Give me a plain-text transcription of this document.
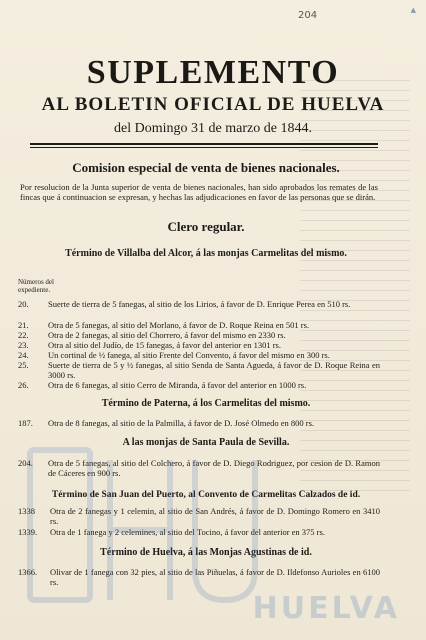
204	▲
SUPLEMENTO
AL BOLETIN OFICIAL DE HUELVA
del Domingo 31 de marzo de 1844.
Comision especial de venta de bienes nacionales.
Por resolucion de la Junta superior de venta de bienes nacionales, han sido aprobados los remates de las fincas que á continuacion se expresan, y hechas las adjudicaciones en favor de las personas que se dirán.
Clero regular.
Término de Villalba del Alcor, á las monjas Carmelitas del mismo.
Números del expediente.
20.	Suerte de tierra de 5 fanegas, al sitio de los Lirios, á favor de D. Enrique Perea en 510 rs.
21.	Otra de 5 fanegas, al sitio del Morlano, á favor de D. Roque Reina en 501 rs.
22.	Otra de 2 fanegas, al sitio del Chorrero, á favor del mismo en 2330 rs.
23.	Otra al sitio del Judío, de 15 fanegas, á favor del anterior en 1301 rs.
24.	Un cortinal de ½ fanega, al sitio Frente del Convento, á favor del mismo en 300 rs.
25.	Suerte de tierra de 5 y ½ fanegas, al sitio Senda de Santa Agueda, á favor de D. Roque Reina en 3000 rs.
26.	Otra de 6 fanegas, al sitio Cerro de Miranda, á favor del anterior en 1000 rs.
Término de Paterna, á los Carmelitas del mismo.
187.	Otra de 8 fanegas, al sitio de la Palmilla, á favor de D. José Olmedo en 800 rs.
A las monjas de Santa Paula de Sevilla.
204.	Otra de 5 fanegas, al sitio del Colchero, á favor de D. Diego Rodriguez, por cesion de D. Ramon de Cáceres en 900 rs.
Término de San Juan del Puerto, al Convento de Carmelitas Calzados de id.
1338	Otra de 2 fanegas y 1 celemin, al sitio de San Andrés, á favor de D. Domingo Romero en 3410 rs.
1339.	Otra de 1 fanega y 2 celemines, al sitio del Tocino, á favor del anterior en 375 rs.
Término de Huelva, á las Monjas Agustinas de id.
1366.	Olivar de 1 fanega con 32 pies, al sitio de las Piñuelas, á favor de D. Ildefonso Aurioles en 6100 rs.
HUELVA
